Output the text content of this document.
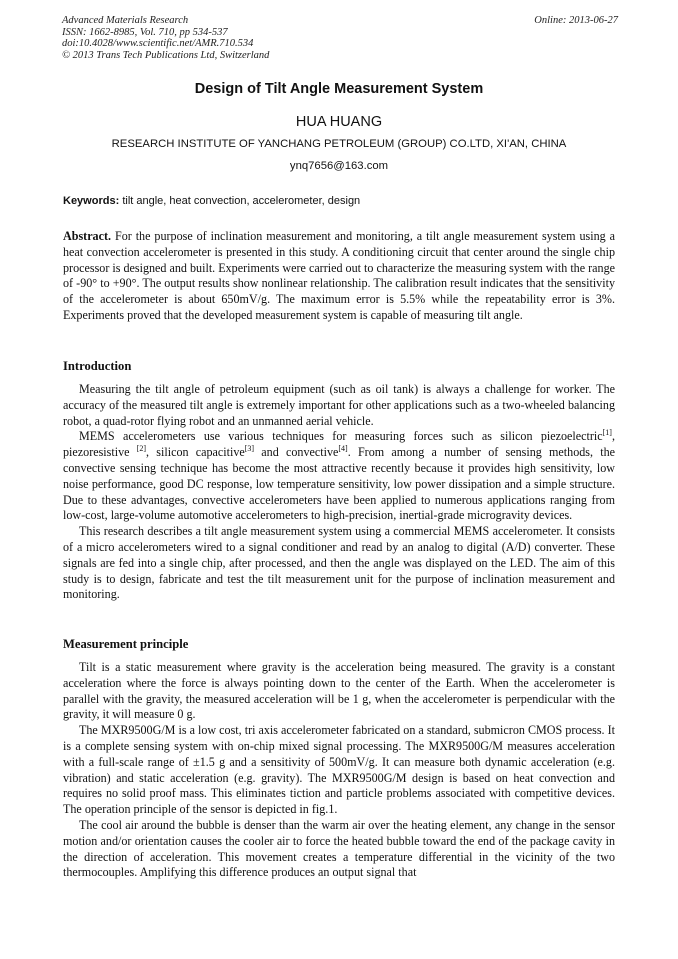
Advanced Materials Research
ISSN: 1662-8985, Vol. 710, pp 534-537
doi:10.4028/www.scientific.net/AMR.710.534
© 2013 Trans Tech Publications Ltd, Switzerland
Online: 2013-06-27
Design of Tilt Angle Measurement System
HUA HUANG
RESEARCH INSTITUTE OF YANCHANG PETROLEUM (GROUP) CO.LTD, XI'AN, CHINA
ynq7656@163.com
Keywords: tilt angle, heat convection, accelerometer, design

Abstract. For the purpose of inclination measurement and monitoring, a tilt angle measurement system using a heat convection accelerometer is presented in this study. A conditioning circuit that center around the single chip processor is designed and built. Experiments were carried out to characterize the measuring system with the range of -90° to +90°. The output results show nonlinear relationship. The calibration result indicates that the sensitivity of the accelerometer is about 650mV/g. The maximum error is 5.5% while the repeatability error is 3%. Experiments proved that the developed measurement system is capable of measuring tilt angle.

Introduction

Measuring the tilt angle of petroleum equipment (such as oil tank) is always a challenge for worker. The accuracy of the measured tilt angle is extremely important for other applications such as a two-wheeled balancing robot, a quad-rotor flying robot and an unmanned aerial vehicle.

MEMS accelerometers use various techniques for measuring forces such as silicon piezoelectric[1], piezoresistive [2], silicon capacitive[3] and convective[4]. From among a number of sensing methods, the convective sensing technique has become the most attractive recently because it provides high sensitivity, low noise performance, good DC response, low temperature sensitivity, low power dissipation and a simple structure. Due to these advantages, convective accelerometers have been applied to numerous applications ranging from low-cost, large-volume automotive accelerometers to high-precision, inertial-grade microgravity devices.

This research describes a tilt angle measurement system using a commercial MEMS accelerometer. It consists of a micro accelerometers wired to a signal conditioner and read by an analog to digital (A/D) converter. These signals are fed into a single chip, after processed, and then the angle was displayed on the LED. The aim of this study is to design, fabricate and test the tilt measurement unit for the purpose of inclination measurement and monitoring.

Measurement principle

Tilt is a static measurement where gravity is the acceleration being measured. The gravity is a constant acceleration where the force is always pointing down to the center of the Earth. When the accelerometer is parallel with the gravity, the measured acceleration will be 1 g, when the accelerometer is perpendicular with the gravity, it will measure 0 g.

The MXR9500G/M is a low cost, tri axis accelerometer fabricated on a standard, submicron CMOS process. It is a complete sensing system with on-chip mixed signal processing. The MXR9500G/M measures acceleration with a full-scale range of ±1.5 g and a sensitivity of 500mV/g. It can measure both dynamic acceleration (e.g. vibration) and static acceleration (e.g. gravity). The MXR9500G/M design is based on heat convection and requires no solid proof mass. This eliminates tiction and particle problems associated with competitive devices. The operation principle of the sensor is depicted in fig.1.

The cool air around the bubble is denser than the warm air over the heating element, any change in the sensor motion and/or orientation causes the cooler air to force the heated bubble toward the end of the package cavity in the direction of acceleration. This movement creates a temperature differential in the vicinity of the two thermocouples. Amplifying this difference produces an output signal that
